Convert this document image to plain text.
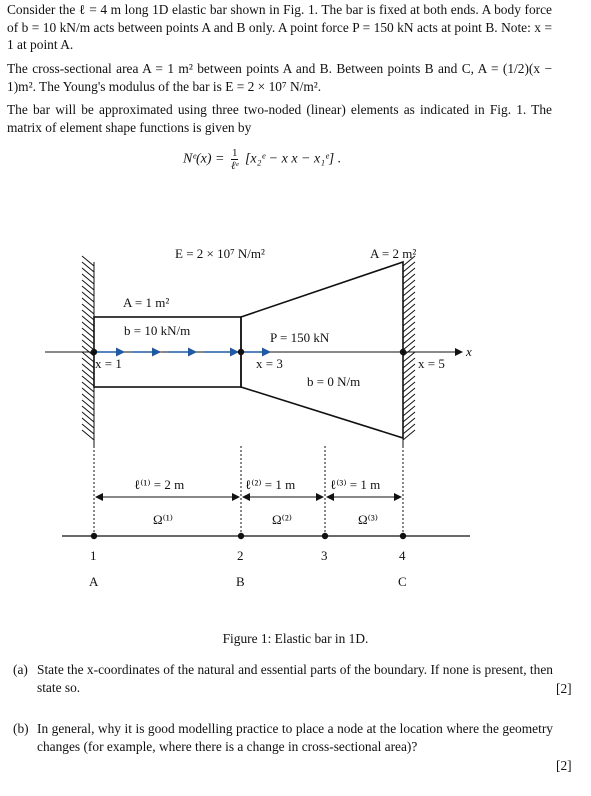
Consider the ℓ = 4 m long 1D elastic bar shown in Fig. 1. The bar is fixed at both ends. A body force of b = 10 kN/m acts between points A and B only. A point force P = 150 kN acts at point B. Note: x = 1 at point A.
The cross-sectional area A = 1 m² between points A and B. Between points B and C, A = (1/2)(x − 1)m². The Young's modulus of the bar is E = 2 × 10⁷ N/m².
The bar will be approximated using three two-noded (linear) elements as indicated in Fig. 1. The matrix of element shape functions is given by
Nᵉ(x) = 1
ℓᵉ [x₂ᵉ − x x − x₁ᵉ] .
E = 2 × 10⁷ N/m²	A = 2 m²
x
A = 1 m²
b = 10 kN/m	P = 150 kN
x = 3
b = 0 N/m
x = 1	x = 5
ℓ⁽¹⁾ = 2 m	ℓ⁽²⁾ = 1 m	ℓ⁽³⁾ = 1 m
Ω⁽¹⁾	Ω⁽²⁾	Ω⁽³⁾
1	2	3	4
A	B	C
Figure 1: Elastic bar in 1D.
(a) State the x-coordinates of the natural and essential parts of the boundary. If none is present, then state so.	[2]
(b) In general, why it is good modelling practice to place a node at the location where the geometry changes (for example, where there is a change in cross-sectional area)?
[2]
